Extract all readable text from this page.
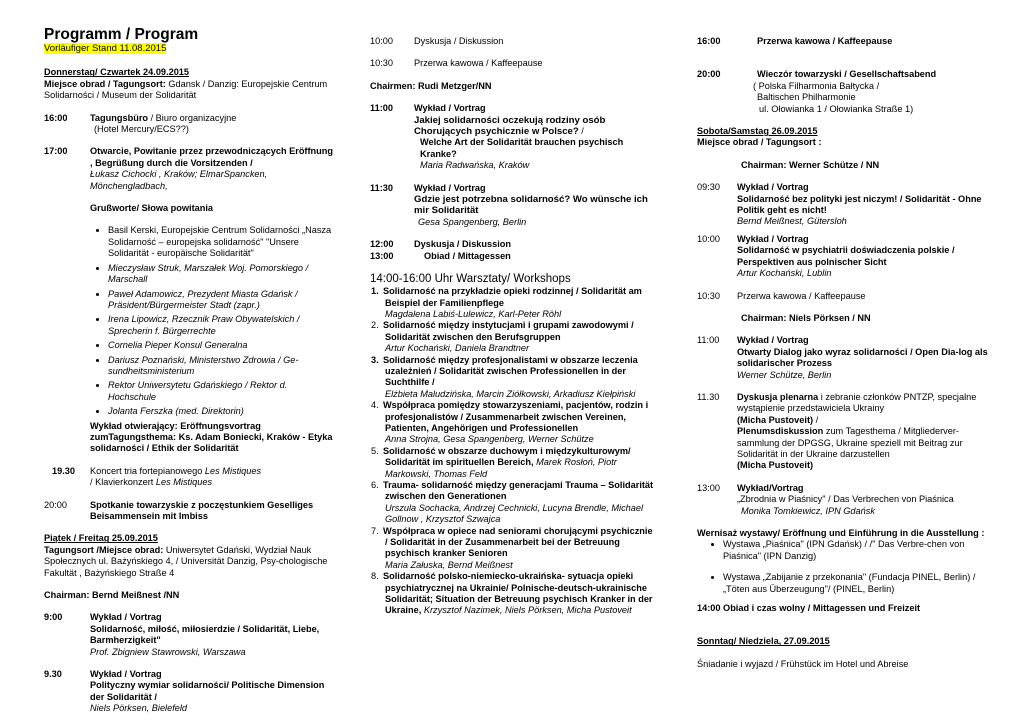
Programm / Program
Vorläufiger Stand 11.08.2015

Donnerstag/ Czwartek 24.09.2015

Miejsce obrad / Tagungsort: Gdansk / Danzig: Europejskie Centrum Solidarności / Museum der Solidarität

16:00	Tagungsbüro / Biuro organizacyjne
(Hotel Mercury/ECS??)
17:00	Otwarcie, Powitanie przez przewodniczących Eröffnung , Begrüßung durch die Vorsitzenden /
Łukasz Cichocki , Kraków; ElmarSpancken, Mönchengladbach,

Grußworte/ Słowa powitania

• Basil Kerski, Europejskie Centrum Solidarności „Nasza Solidarność – europejska solidarność" "Unsere Solidarität - europäische Solidarität"
• Mieczysław Struk, Marszałek Woj. Pomorskiego / Marschall
• Paweł Adamowicz, Prezydent Miasta Gdańsk / Präsident/Bürgermeister Stadt (zapr.)
• Irena Lipowicz, Rzecznik Praw Obywatelskich / Sprecherin f. Bürgerrechte
• Cornelia Pieper Konsul Generalna
• Dariusz Poznański, Ministerstwo Zdrowia / Ge-sundheitsministerium
• Rektor Uniwersytetu Gdańskiego / Rektor d. Hochschule
• Jolanta Ferszka (med. Direktorin)

Wykład otwierający: Eröffnungsvortrag zumTagungsthema: Ks. Adam Boniecki, Kraków - Etyka solidarności / Ethik der Solidarität

19.30	Koncert tria fortepianowego Les Mistiques
/ Klavierkonzert Les Mistiques
20:00	Spotkanie towarzyskie z poczęstunkiem Geselliges Beisammensein mit Imbiss

Piątek / Freitag 25.09.2015

Tagungsort /Miejsce obrad: Uniwersytet Gdański, Wydział Nauk Społecznych ul. Bażyńskiego 4, / Universität Danzig, Psy-chologische Fakultät , Bażyńskiego Straße 4

Chairman: Bernd Meißnest /NN

9:00	Wykład / Vortrag
Solidarność, miłość, miłosierdzie / Solidarität, Liebe, Barmherzigkeit"
Prof. Zbigniew Stawrowski, Warszawa
9.30	Wykład / Vortrag
Polityczny wymiar solidarności/ Politische Dimension der Solidarität /
Niels Pörksen, Bielefeld
10:00	Dyskusja / Diskussion
10:30	Przerwa kawowa / Kaffeepause

Chairmen: Rudi Metzger/NN

11:00	Wykład / Vortrag
Jakiej solidarności oczekują rodziny osób Chorujących psychicznie w Polsce? /
Welche Art der Solidarität brauchen psychisch Kranke?
Maria Radwańska, Kraków
11:30	Wykład / Vortrag
Gdzie jest potrzebna solidarność? Wo wünsche ich mir Solidarität
Gesa Spangenberg, Berlin
12:00	Dyskusja / Diskussion
13:00	Obiad / Mittagessen

14:00-16:00 Uhr Warsztaty/ Workshops

1. Solidarność na przykładzie opieki rodzinnej / Solidarität am Beispiel der Familienpflege
Magdalena Labiś-Lulewicz, Karl-Peter Röhl
2. Solidarność między instytucjami i grupami zawodowymi / Solidarität zwischen den Berufsgruppen
Artur Kochański, Daniela Brandtner
3. Solidarność między profesjonalistami w obszarze leczenia uzależnień / Solidarität zwischen Professionellen in der Suchthilfe /
Elżbieta Maludzińska, Marcin Ziółkowski, Arkadiusz Kiełpiński
4. Współpraca pomiędzy stowarzyszeniami, pacjentów, rodzin i profesjonalistów / Zusammenarbeit zwischen Vereinen, Patienten, Angehörigen und Professionellen
Anna Strojna, Gesa Spangenberg, Werner Schütze
5. Solidarność w obszarze duchowym i międzykulturowym/ Solidarität im spirituellen Bereich, Marek Rosłoń, Piotr Markowski, Thomas Feld
6. Trauma- solidarność między generacjami Trauma – Solidarität zwischen den Generationen
Urszula Sochacka, Andrzej Cechnicki, Lucyna Brendle, Michael Gollnow , Krzysztof Szwajca
7. Współpraca w opiece nad seniorami chorującymi psychicznie / Solidarität in der Zusammenarbeit bei der Betreuung psychisch kranker Senioren
Maria Załuska, Bernd Meißnest
8. Solidarność polsko-niemiecko-ukraińska- sytuacja opieki psychiatrycznej na Ukrainie/ Polnische-deutsch-ukrainische Solidarität; Situation der Betreuung psychisch Kranker in der Ukraine, Krzysztof Nazimek, Niels Pörksen, Micha Pustoveit
16:00	Przerwa kawowa / Kaffeepause
20:00	Wieczór towarzyski / Gesellschaftsabend

( Polska Filharmonia Bałtycka /

Baltischen Philharmonie

ul. Ołowianka 1 / Ołowianka Straße 1)

Sobota/Samstag 26.09.2015

Miejsce obrad / Tagungsort :

Chairman: Werner Schütze / NN

09:30	Wykład / Vortrag
Solidarność bez polityki jest niczym! / Solidarität - Ohne Politik geht es nicht!
Bernd Meißnest, Gütersloh
10:00	Wykład / Vortrag
Solidarność w psychiatrii doświadczenia polskie / Perspektiven aus polnischer Sicht
Artur Kochański, Lublin
10:30	Przerwa kawowa / Kaffeepause

Chairman: Niels Pörksen / NN

11:00	Wykład / Vortrag
Otwarty Dialog jako wyraz solidarności / Open Dia-log als solidarischer Prozess
Werner Schütze, Berlin
11.30	Dyskusja plenarna i zebranie członków PNTZP, specjalne wystąpienie przedstawiciela Ukrainy
(Micha Pustoveit) /
Plenumsdiskussion zum Tagesthema / Mitgliederver-sammlung der DPGSG, Ukraine speziell mit Beitrag zur Solidarität in der Ukraine darzustellen
(Micha Pustoveit)
13:00	Wykład/Vortrag
„Zbrodnia w Piaśnicy" / Das Verbrechen von Piaśnica
Monika Tomkiewicz, IPN Gdańsk

Wernisaż wystawy/ Eröffnung und Einführung in die Ausstellung :

• Wystawa „Piaśnica" (IPN Gdańsk) / /" Das Verbre-chen von Piaśnica" (IPN Danzig)
• Wystawa „Zabijanie z przekonania" (Fundacja PINEL, Berlin) / „Töten aus Überzeugung"/ (PINEL, Berlin)

14:00 Obiad i czas wolny / Mittagessen und Freizeit

Sonntag/ Niedziela, 27.09.2015

Śniadanie i wyjazd / Frühstück im Hotel und Abreise
